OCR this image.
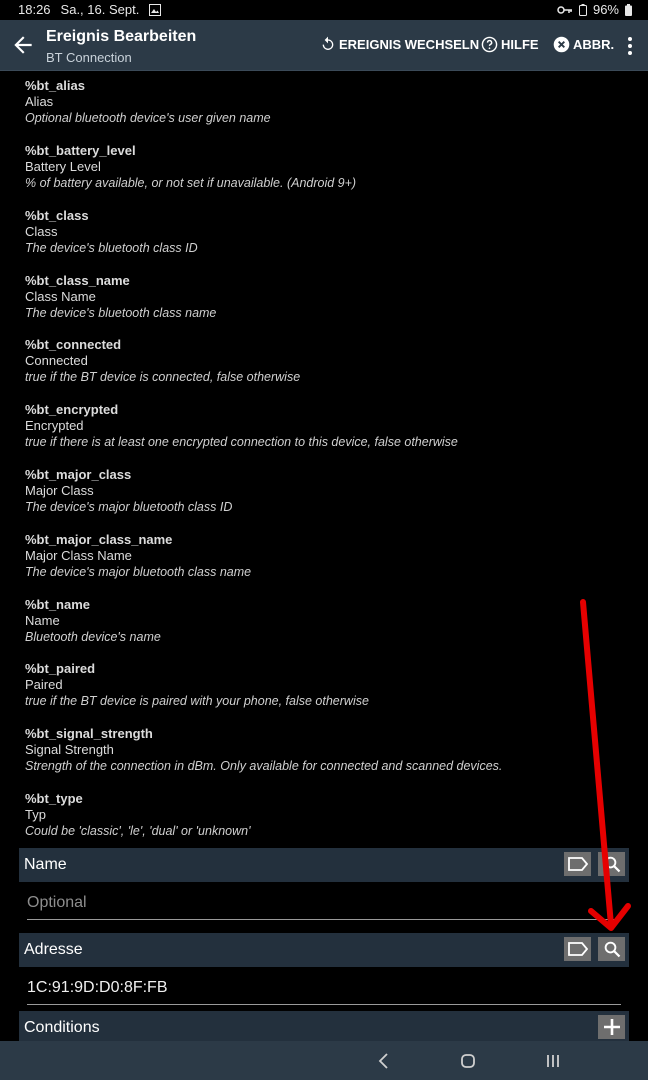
18:26 Sa., 16. Sept.	96%
Ereignis Bearbeiten
BT Connection
EREIGNIS WECHSELN HILFE	ABBR.
%bt_alias
Alias
Optional bluetooth device's user given name
%bt_battery_level
Battery Level
% of battery available, or not set if unavailable. (Android 9+)
%bt_class
Class
The device's bluetooth class ID
%bt_class_name
Class Name
The device's bluetooth class name
%bt_connected
Connected
true if the BT device is connected, false otherwise
%bt_encrypted
Encrypted
true if there is at least one encrypted connection to this device, false otherwise
%bt_major_class
Major Class
The device's major bluetooth class ID
%bt_major_class_name
Major Class Name
The device's major bluetooth class name
%bt_name
Name
Bluetooth device's name
%bt_paired
Paired
true if the BT device is paired with your phone, false otherwise
%bt_signal_strength
Signal Strength
Strength of the connection in dBm. Only available for connected and scanned devices.
%bt_type
Typ
Could be 'classic', 'le', 'dual' or 'unknown'
Name
Optional
Adresse
1C:91:9D:D0:8F:FB
Conditions
